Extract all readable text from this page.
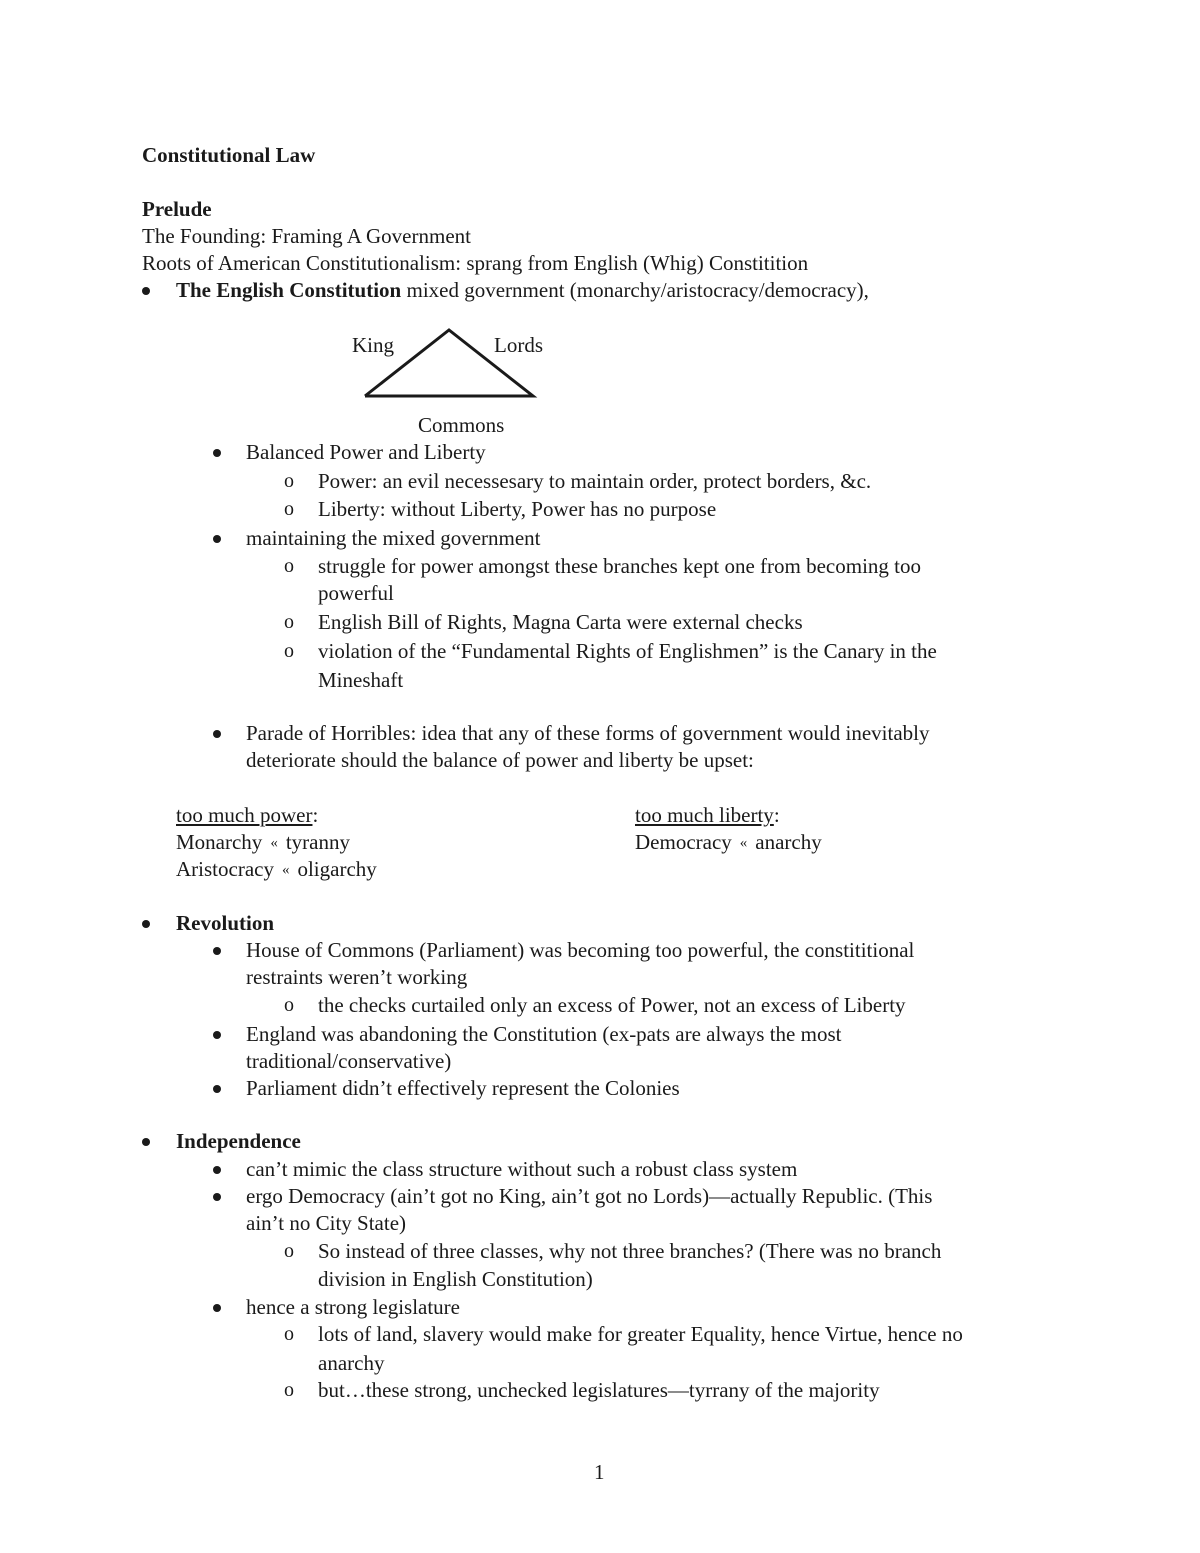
Constitutional Law
Prelude
The Founding: Framing A Government
Roots of American Constitutionalism: sprang from English (Whig) Constitition
The English Constitution mixed government (monarchy/aristocracy/democracy),
King	Lords
Commons
Balanced Power and Liberty
o Power: an evil necessesary to maintain order, protect borders, &c.
o Liberty: without Liberty, Power has no purpose
maintaining the mixed government
o struggle for power amongst these branches kept one from becoming too
powerful
o English Bill of Rights, Magna Carta were external checks
o violation of the “Fundamental Rights of Englishmen” is the Canary in the
Mineshaft
Parade of Horribles: idea that any of these forms of government would inevitably
deteriorate should the balance of power and liberty be upset:
too much power:
Monarchy « tyranny
Aristocracy « oligarchy
too much liberty:
Democracy « anarchy
Revolution
House of Commons (Parliament) was becoming too powerful, the constititional
restraints weren’t working
o the checks curtailed only an excess of Power, not an excess of Liberty
England was abandoning the Constitution (ex-pats are always the most
traditional/conservative)
Parliament didn’t effectively represent the Colonies
Independence
can’t mimic the class structure without such a robust class system
ergo Democracy (ain’t got no King, ain’t got no Lords)—actually Republic. (This
ain’t no City State)
o So instead of three classes, why not three branches? (There was no branch
division in English Constitution)
hence a strong legislature
o lots of land, slavery would make for greater Equality, hence Virtue, hence no
anarchy
o but…these strong, unchecked legislatures—tyrrany of the majority
1
